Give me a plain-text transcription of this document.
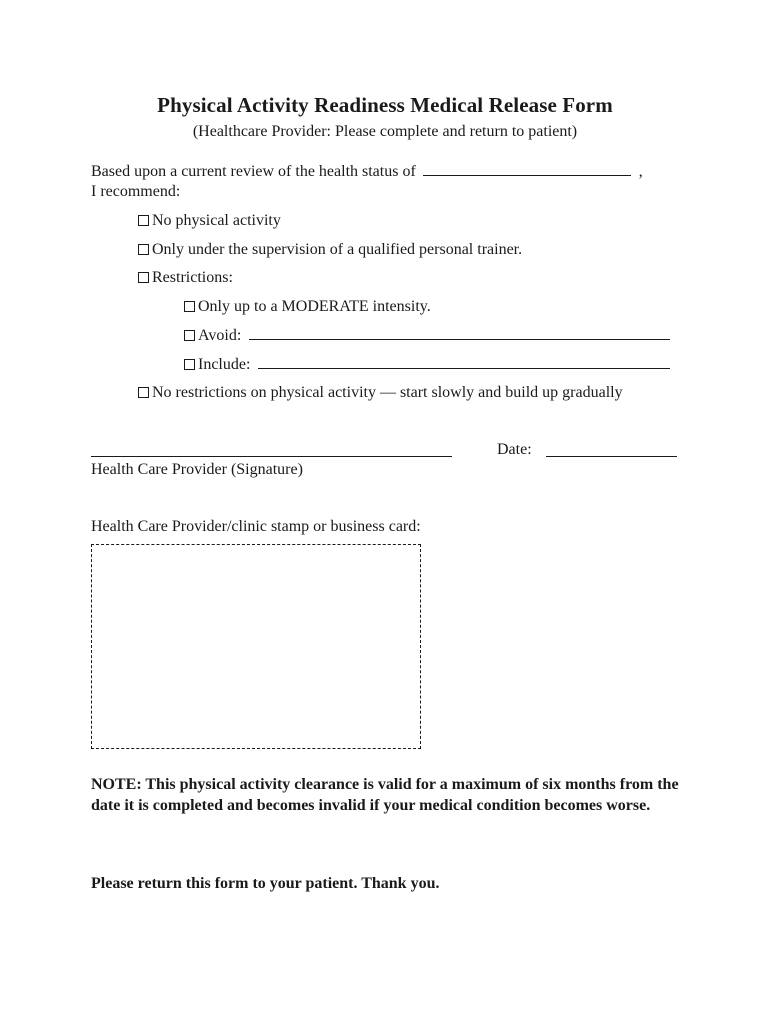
Physical Activity Readiness Medical Release Form
(Healthcare Provider: Please complete and return to patient)
Based upon a current review of the health status of	,
I recommend:
No physical activity
Only under the supervision of a qualified personal trainer.
Restrictions:
Only up to a MODERATE intensity.
Avoid:
Include:
No restrictions on physical activity — start slowly and build up gradually
Date:
Health Care Provider (Signature)
Health Care Provider/clinic stamp or business card:
NOTE: This physical activity clearance is valid for a maximum of six months from the date it is completed and becomes invalid if your medical condition becomes worse.
Please return this form to your patient. Thank you.
